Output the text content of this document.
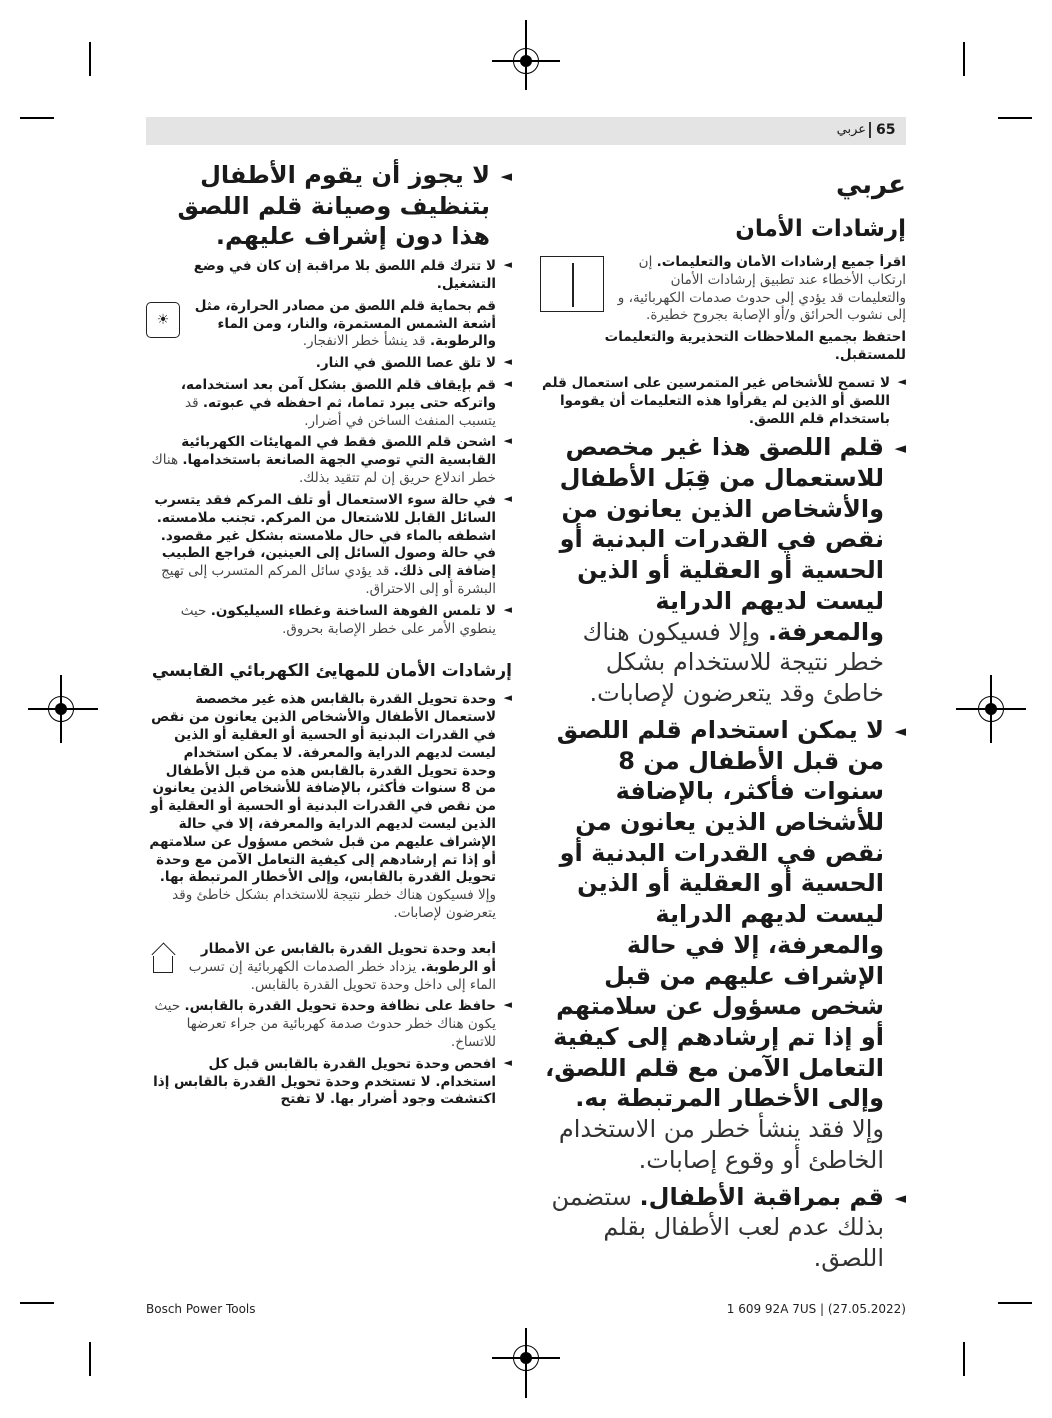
65
عربي
عربي
إرشادات الأمان
اقرأ جميع إرشادات الأمان والتعليمات. إن ارتكاب الأخطاء عند تطبيق إرشادات الأمان والتعليمات قد يؤدي إلى حدوث صدمات الكهربائية، و إلى نشوب الحرائق و/أو الإصابة بجروح خطيرة.
احتفظ بجميع الملاحظات التحذيرية والتعليمات للمستقبل.
◄ لا تسمح للأشخاص غير المتمرسين على استعمال قلم اللصق أو الذين لم يقرأوا هذه التعليمات أن يقوموا باستخدام قلم اللصق.
◄ قلم اللصق هذا غير مخصص للاستعمال من قِبَل الأطفال والأشخاص الذين يعانون من نقص في القدرات البدنية أو الحسية أو العقلية أو الذين ليست لديهم الدراية والمعرفة. وإلا فسيكون هناك خطر نتيجة للاستخدام بشكل خاطئ وقد يتعرضون لإصابات.
◄ لا يمكن استخدام قلم اللصق من قبل الأطفال من 8 سنوات فأكثر، بالإضافة للأشخاص الذين يعانون من نقص في القدرات البدنية أو الحسية أو العقلية أو الذين ليست لديهم الدراية والمعرفة، إلا في حالة الإشراف عليهم من قبل شخص مسؤول عن سلامتهم أو إذا تم إرشادهم إلى كيفية التعامل الآمن مع قلم اللصق، وإلى الأخطار المرتبطة به. وإلا فقد ينشأ خطر من الاستخدام الخاطئ أو وقوع إصابات.
◄ قم بمراقبة الأطفال. ستضمن بذلك عدم لعب الأطفال بقلم اللصق.
◄ لا يجوز أن يقوم الأطفال بتنظيف وصيانة قلم اللصق هذا دون إشراف عليهم.
◄ لا تترك قلم اللصق بلا مراقبة إن كان في وضع التشغيل.
☀
قم بحماية قلم اللصق من مصادر الحرارة، مثل أشعة الشمس المستمرة، والنار، ومن الماء والرطوبة. قد ينشأ خطر الانفجار.
◄ لا تلق عصا اللصق في النار.
◄ قم بإيقاف قلم اللصق بشكل آمن بعد استخدامه، واتركه حتى يبرد تماما، ثم احفظه في عبوته. قد يتسبب المنفث الساخن في أضرار.
◄ اشحن قلم اللصق فقط في المهايئات الكهربائية القابسية التي توصي الجهة الصانعة باستخدامها. هناك خطر اندلاع حريق إن لم تتقيد بذلك.
◄ في حالة سوء الاستعمال أو تلف المركم فقد يتسرب السائل القابل للاشتعال من المركم. تجنب ملامسته. اشطفه بالماء في حال ملامسته بشكل غير مقصود. في حالة وصول السائل إلى العينين، فراجع الطبيب إضافة إلى ذلك. قد يؤدي سائل المركم المتسرب إلى تهيج البشرة أو إلى الاحتراق.
◄ لا تلمس الفوهة الساخنة وغطاء السيليكون. حيث ينطوي الأمر على خطر الإصابة بحروق.
إرشادات الأمان للمهايئ الكهربائي القابسي
◄ وحدة تحويل القدرة بالقابس هذه غير مخصصة لاستعمال الأطفال والأشخاص الذين يعانون من نقص في القدرات البدنية أو الحسية أو العقلية أو الذين ليست لديهم الدراية والمعرفة. لا يمكن استخدام وحدة تحويل القدرة بالقابس هذه من قبل الأطفال من 8 سنوات فأكثر، بالإضافة للأشخاص الذين يعانون من نقص في القدرات البدنية أو الحسية أو العقلية أو الذين ليست لديهم الدراية والمعرفة، إلا في حالة الإشراف عليهم من قبل شخص مسؤول عن سلامتهم أو إذا تم إرشادهم إلى كيفية التعامل الآمن مع وحدة تحويل القدرة بالقابس، وإلى الأخطار المرتبطة بها. وإلا فسيكون هناك خطر نتيجة للاستخدام بشكل خاطئ وقد يتعرضون لإصابات.
أبعد وحدة تحويل القدرة بالقابس عن الأمطار أو الرطوبة. يزداد خطر الصدمات الكهربائية إن تسرب الماء إلى داخل وحدة تحويل القدرة بالقابس.
◄ حافظ على نظافة وحدة تحويل القدرة بالقابس. حيث يكون هناك خطر حدوث صدمة كهربائية من جراء تعرضها للاتساخ.
◄ افحص وحدة تحويل القدرة بالقابس قبل كل استخدام. لا تستخدم وحدة تحويل القدرة بالقابس إذا اكتشفت وجود أضرار بها. لا تفتح
Bosch Power Tools	1 609 92A 7US | (27.05.2022)
